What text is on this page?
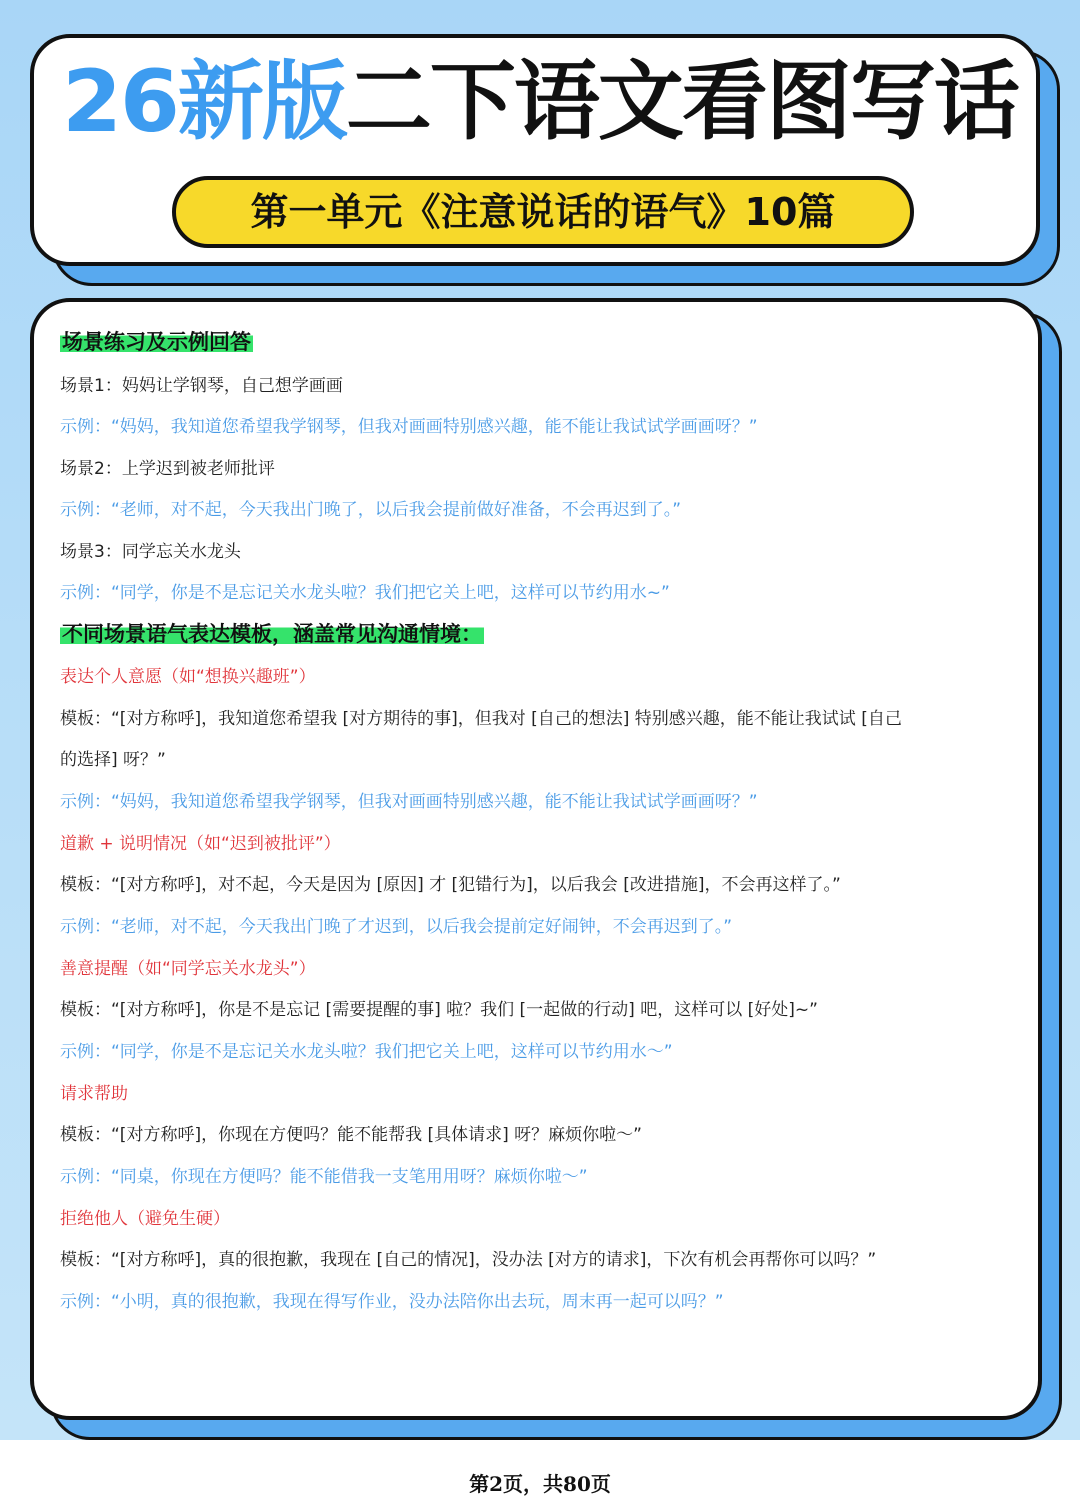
26新版二下语文看图写话
第一单元《注意说话的语气》10篇
场景练习及示例回答
场景1：妈妈让学钢琴，自己想学画画
示例：“妈妈，我知道您希望我学钢琴，但我对画画特别感兴趣，能不能让我试试学画画呀？”
场景2：上学迟到被老师批评
示例：“老师，对不起，今天我出门晚了，以后我会提前做好准备，不会再迟到了。”
场景3：同学忘关水龙头
示例：“同学，你是不是忘记关水龙头啦？我们把它关上吧，这样可以节约用水~”
不同场景语气表达模板，涵盖常见沟通情境：
表达个人意愿（如“想换兴趣班”）
模板：“[对方称呼]，我知道您希望我 [对方期待的事]，但我对 [自己的想法] 特别感兴趣，能不能让我试试 [自己
的选择] 呀？”
示例：“妈妈，我知道您希望我学钢琴，但我对画画特别感兴趣，能不能让我试试学画画呀？”
道歉 + 说明情况（如“迟到被批评”）
模板：“[对方称呼]，对不起，今天是因为 [原因] 才 [犯错行为]，以后我会 [改进措施]，不会再这样了。”
示例：“老师，对不起，今天我出门晚了才迟到，以后我会提前定好闹钟，不会再迟到了。”
善意提醒（如“同学忘关水龙头”）
模板：“[对方称呼]，你是不是忘记 [需要提醒的事] 啦？我们 [一起做的行动] 吧，这样可以 [好处]~”
示例：“同学，你是不是忘记关水龙头啦？我们把它关上吧，这样可以节约用水～”
请求帮助
模板：“[对方称呼]，你现在方便吗？能不能帮我 [具体请求] 呀？麻烦你啦～”
示例：“同桌，你现在方便吗？能不能借我一支笔用用呀？麻烦你啦～”
拒绝他人（避免生硬）
模板：“[对方称呼]，真的很抱歉，我现在 [自己的情况]，没办法 [对方的请求]，下次有机会再帮你可以吗？”
示例：“小明，真的很抱歉，我现在得写作业，没办法陪你出去玩，周末再一起可以吗？”
第2页，共80页
